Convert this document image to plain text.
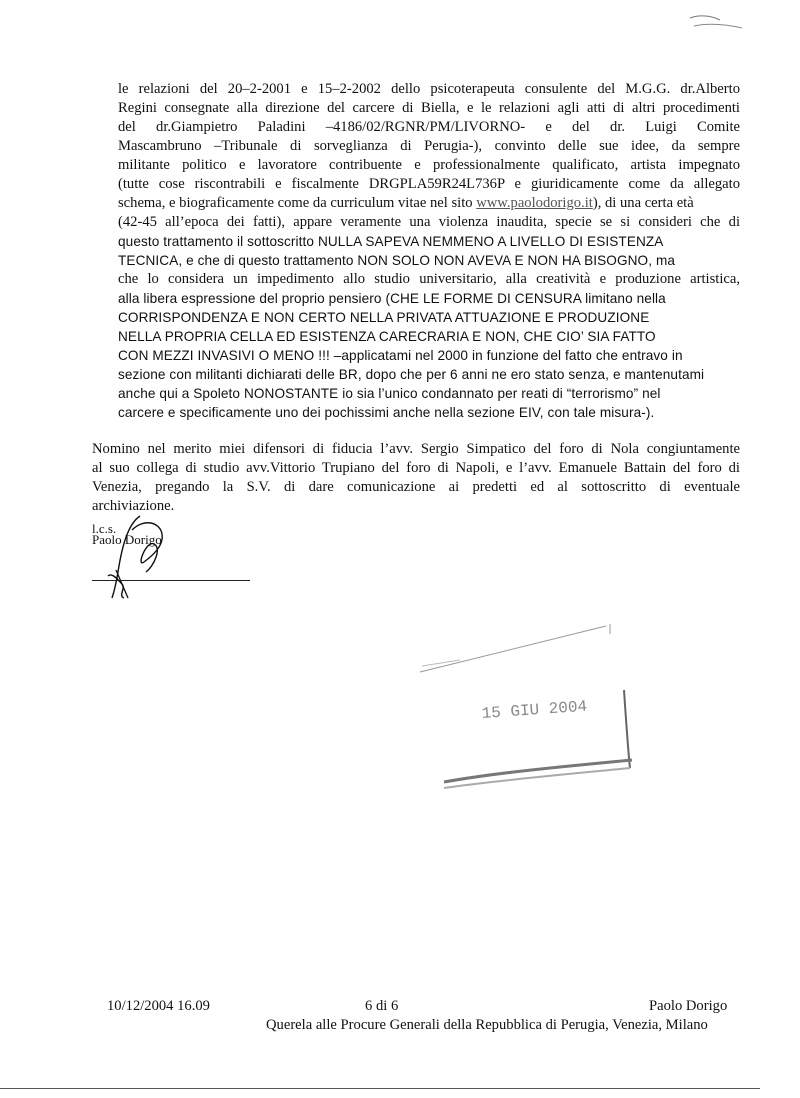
le relazioni del 20–2-2001 e 15–2-2002 dello psicoterapeuta consulente del M.G.G. dr.Alberto
Regini consegnate alla direzione del carcere di Biella, e le relazioni agli atti di altri procedimenti
del dr.Giampietro Paladini –4186/02/RGNR/PM/LIVORNO- e del dr. Luigi Comite
Mascambruno –Tribunale di sorveglianza di Perugia-), convinto delle sue idee, da sempre
militante politico e lavoratore contribuente e professionalmente qualificato, artista impegnato
(tutte cose riscontrabili e fiscalmente DRGPLA59R24L736P e giuridicamente come da allegato
schema, e biograficamente come da curriculum vitae nel sito www.paolodorigo.it), di una certa età
(42-45 all’epoca dei fatti), appare veramente una violenza inaudita, specie se si consideri che di
questo trattamento il sottoscritto NULLA SAPEVA NEMMENO A LIVELLO DI ESISTENZA
TECNICA, e che di questo trattamento NON SOLO NON AVEVA E NON HA BISOGNO, ma
che lo considera un impedimento allo studio universitario, alla creatività e produzione artistica,
alla libera espressione del proprio pensiero (CHE LE FORME DI CENSURA limitano nella
CORRISPONDENZA E NON CERTO NELLA PRIVATA ATTUAZIONE E PRODUZIONE
NELLA PROPRIA CELLA ED ESISTENZA CARECRARIA E NON, CHE CIO’ SIA FATTO
CON MEZZI INVASIVI O MENO !!! –applicatami nel 2000 in funzione del fatto che entravo in
sezione con militanti dichiarati delle BR, dopo che per 6 anni ne ero stato senza, e mantenutami
anche qui a Spoleto NONOSTANTE io sia l’unico condannato per reati di “terrorismo” nel
carcere e specificamente uno dei pochissimi anche nella sezione EIV, con tale misura-).
Nomino nel merito miei difensori di fiducia l’avv. Sergio Simpatico del foro di Nola congiuntamente
al suo collega di studio avv.Vittorio Trupiano del foro di Napoli, e l’avv. Emanuele Battain del foro di
Venezia, pregando la S.V. di dare comunicazione ai predetti ed al sottoscritto di eventuale
archiviazione.
l.c.s.
Paolo Dorigo
15 GIU 2004
10/12/2004 16.09	6 di 6	Paolo Dorigo
Querela alle Procure Generali della Repubblica di Perugia, Venezia, Milano
